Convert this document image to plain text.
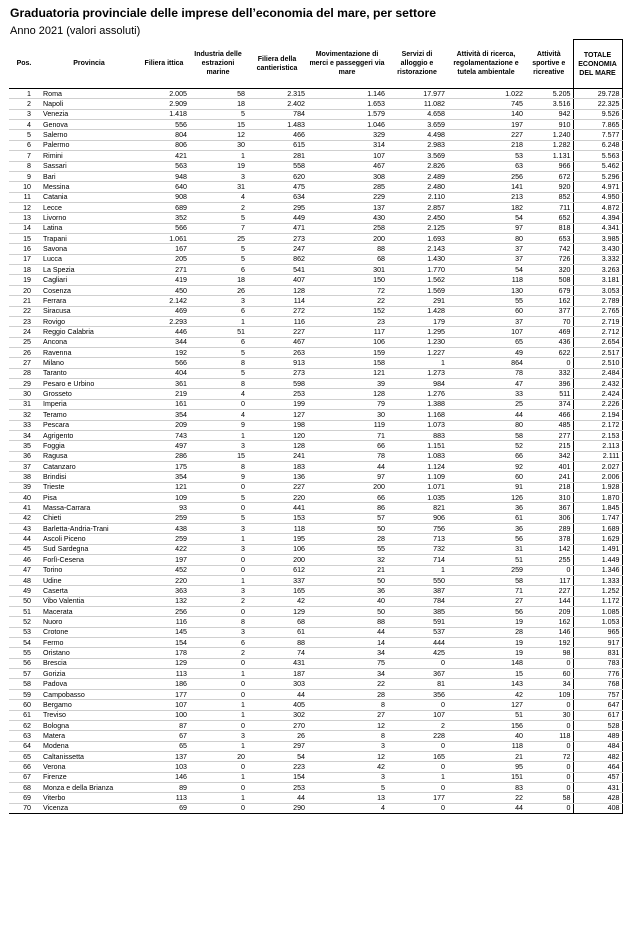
Graduatoria provinciale delle imprese dell’economia del mare, per settore
Anno 2021 (valori assoluti)
Pos.	Provincia	Filiera ittica	Industria delle estrazioni marine	Filiera della cantieristica	Movimentazione di merci e passeggeri via mare	Servizi di alloggio e ristorazione	Attività di ricerca, regolamentazione e tutela ambientale	Attività sportive e ricreative	TOTALE ECONOMIA DEL MARE
1	Roma	2.005	58	2.315	1.146	17.977	1.022	5.205	29.728
2	Napoli	2.909	18	2.402	1.653	11.082	745	3.516	22.325
3	Venezia	1.418	5	784	1.579	4.658	140	942	9.526
4	Genova	556	15	1.483	1.046	3.659	197	910	7.865
5	Salerno	804	12	466	329	4.498	227	1.240	7.577
6	Palermo	806	30	615	314	2.983	218	1.282	6.248
7	Rimini	421	1	281	107	3.569	53	1.131	5.563
8	Sassari	563	19	558	467	2.826	63	966	5.462
9	Bari	948	3	620	308	2.489	256	672	5.296
10	Messina	640	31	475	285	2.480	141	920	4.971
11	Catania	908	4	634	229	2.110	213	852	4.950
12	Lecce	689	2	295	137	2.857	182	711	4.872
13	Livorno	352	5	449	430	2.450	54	652	4.394
14	Latina	566	7	471	258	2.125	97	818	4.341
15	Trapani	1.061	25	273	200	1.693	80	653	3.985
16	Savona	167	5	247	88	2.143	37	742	3.430
17	Lucca	205	5	862	68	1.430	37	726	3.332
18	La Spezia	271	6	541	301	1.770	54	320	3.263
19	Cagliari	419	18	407	150	1.562	118	508	3.181
20	Cosenza	450	26	128	72	1.569	130	679	3.053
21	Ferrara	2.142	3	114	22	291	55	162	2.789
22	Siracusa	469	6	272	152	1.428	60	377	2.765
23	Rovigo	2.293	1	116	23	179	37	70	2.719
24	Reggio Calabria	446	51	227	117	1.295	107	469	2.712
25	Ancona	344	6	467	106	1.230	65	436	2.654
26	Ravenna	192	5	263	159	1.227	49	622	2.517
27	Milano	566	8	913	158	1	864	0	2.510
28	Taranto	404	5	273	121	1.273	78	332	2.484
29	Pesaro e Urbino	361	8	598	39	984	47	396	2.432
30	Grosseto	219	4	253	128	1.276	33	511	2.424
31	Imperia	161	0	199	79	1.388	25	374	2.226
32	Teramo	354	4	127	30	1.168	44	466	2.194
33	Pescara	209	9	198	119	1.073	80	485	2.172
34	Agrigento	743	1	120	71	883	58	277	2.153
35	Foggia	497	3	128	66	1.151	52	215	2.113
36	Ragusa	286	15	241	78	1.083	66	342	2.111
37	Catanzaro	175	8	183	44	1.124	92	401	2.027
38	Brindisi	354	9	136	97	1.109	60	241	2.006
39	Trieste	121	0	227	200	1.071	91	218	1.928
40	Pisa	109	5	220	66	1.035	126	310	1.870
41	Massa-Carrara	93	0	441	86	821	36	367	1.845
42	Chieti	259	5	153	57	906	61	306	1.747
43	Barletta-Andria-Trani	438	3	118	50	756	36	289	1.689
44	Ascoli Piceno	259	1	195	28	713	56	378	1.629
45	Sud Sardegna	422	3	106	55	732	31	142	1.491
46	Forlì-Cesena	197	0	200	32	714	51	255	1.449
47	Torino	452	0	612	21	1	259	0	1.346
48	Udine	220	1	337	50	550	58	117	1.333
49	Caserta	363	3	165	36	387	71	227	1.252
50	Vibo Valentia	132	2	42	40	784	27	144	1.172
51	Macerata	256	0	129	50	385	56	209	1.085
52	Nuoro	116	8	68	88	591	19	162	1.053
53	Crotone	145	3	61	44	537	28	146	965
54	Fermo	154	6	88	14	444	19	192	917
55	Oristano	178	2	74	34	425	19	98	831
56	Brescia	129	0	431	75	0	148	0	783
57	Gorizia	113	1	187	34	367	15	60	776
58	Padova	186	0	303	22	81	143	34	768
59	Campobasso	177	0	44	28	356	42	109	757
60	Bergamo	107	1	405	8	0	127	0	647
61	Treviso	100	1	302	27	107	51	30	617
62	Bologna	87	0	270	12	2	156	0	528
63	Matera	67	3	26	8	228	40	118	489
64	Modena	65	1	297	3	0	118	0	484
65	Caltanissetta	137	20	54	12	165	21	72	482
66	Verona	103	0	223	42	0	95	0	464
67	Firenze	146	1	154	3	1	151	0	457
68	Monza e della Brianza	89	0	253	5	0	83	0	431
69	Viterbo	113	1	44	13	177	22	58	428
70	Vicenza	69	0	290	4	0	44	0	408
